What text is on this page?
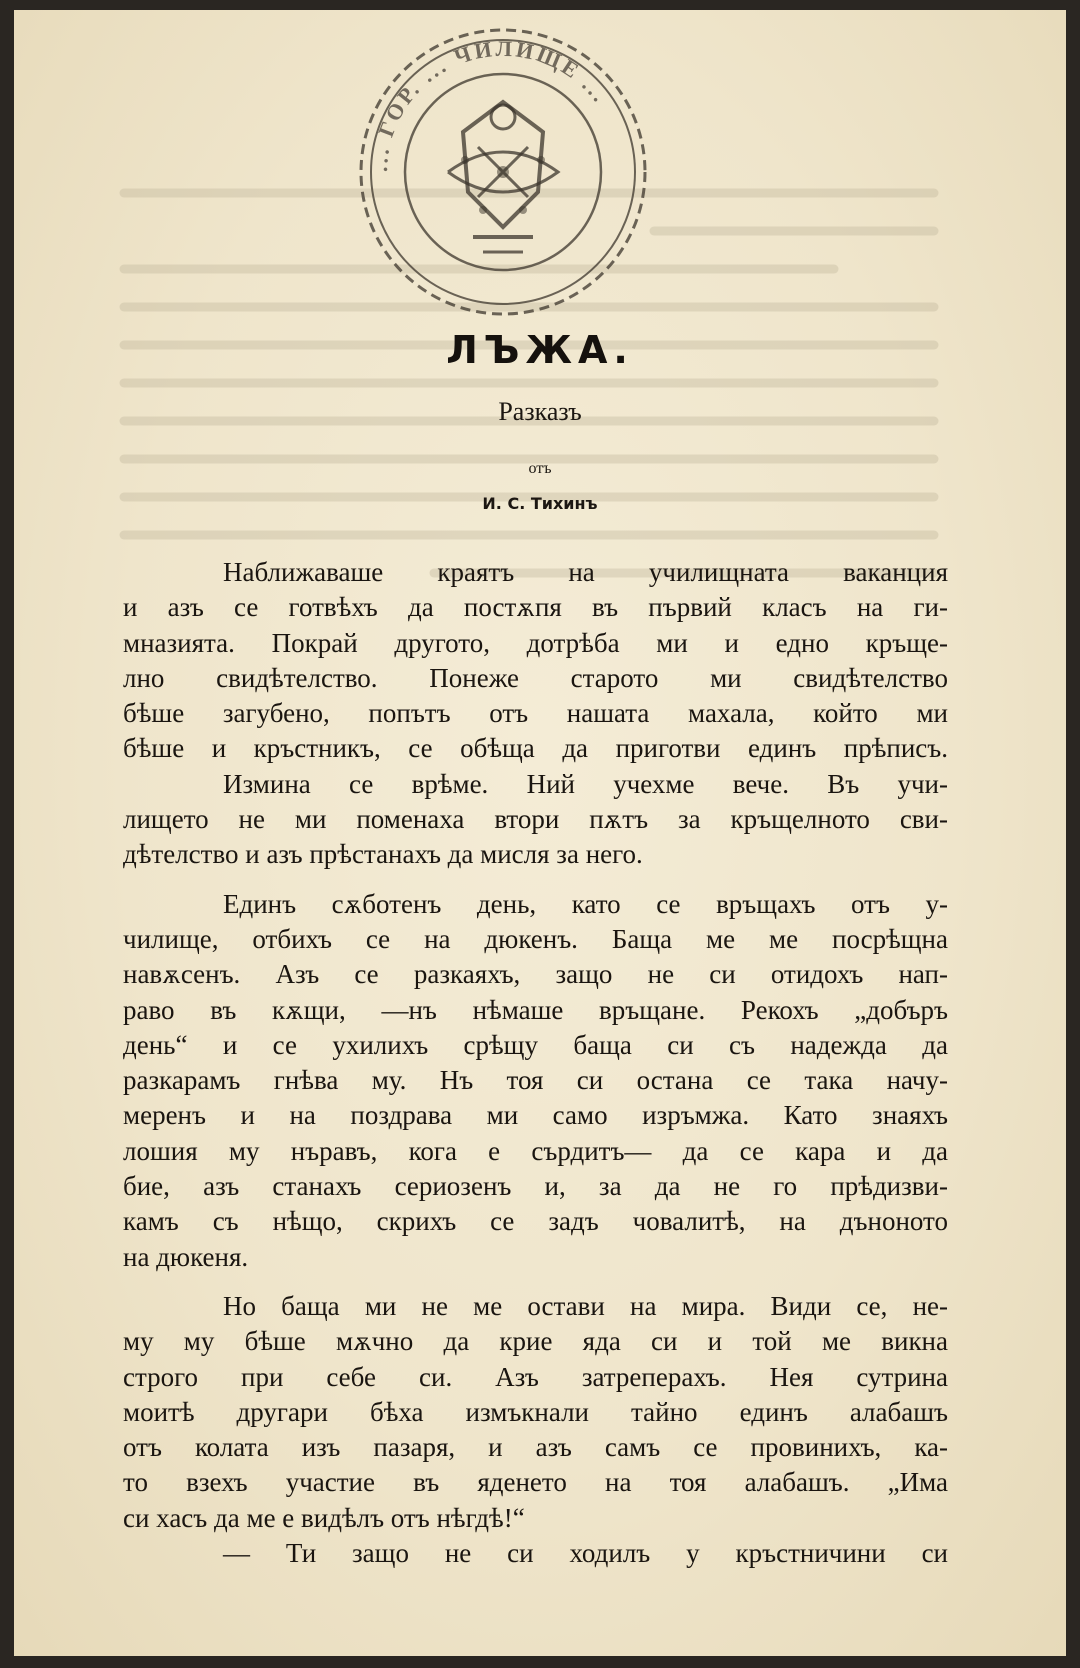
... ГОР. ... ЧИЛИЩЕ ...
ЛЪЖА.
Разказъ
отъ
И. С. Тихинъ
Наближаваше краятъ на училищната ваканция
и азъ се готвѣхъ да постѫпя въ първий класъ на ги-
мназията. Покрай другото, дотрѣба ми и едно кръщe-
лно свидѣтелство. Понеже старото ми свидѣтелство
бѣше загубено, попътъ отъ нашата махала, който ми
бѣше и кръстникъ, се обѣща да приготви единъ прѣписъ.
Измина се врѣме. Ний учехме вече. Въ учи-
лището не ми поменаха втори пѫтъ за кръщелното сви-
дѣтелство и азъ прѣстанахъ да мисля за него.
Единъ сѫботенъ день, като се връщахъ отъ у-
чилище, отбихъ се на дюкенъ. Баща ме ме посрѣщна
навѫсенъ. Азъ се разкаяхъ, защо не си отидохъ нап-
раво въ кѫщи, —нъ нѣмаше връщане. Рекохъ „добъръ
день“ и се ухилихъ срѣщу баща си съ надежда да
разкарамъ гнѣва му. Нъ тоя си остана се така начу-
меренъ и на поздрава ми само изръмжа. Като знаяхъ
лошия му нъравъ, кога е сърдитъ— да се кара и да
бие, азъ станахъ сериозенъ и, за да не го прѣдизви-
камъ съ нѣщо, скрихъ се задъ човалитѣ, на дънoното
на дюкеня.
Но баща ми не ме остави на мира. Види се, не-
му му бѣше мѫчно да крие яда си и той ме викна
строго при себе си. Азъ затреперахъ. Нея сутрина
моитѣ другари бѣха измъкнали тайно единъ алабашъ
отъ колата изъ пазаря, и азъ самъ се провинихъ, ка-
то взехъ участие въ яденето на тоя алабашъ. „Има
си хасъ да ме е видѣлъ отъ нѣгдѣ!“
— Ти защо не си ходилъ у кръстничини си
